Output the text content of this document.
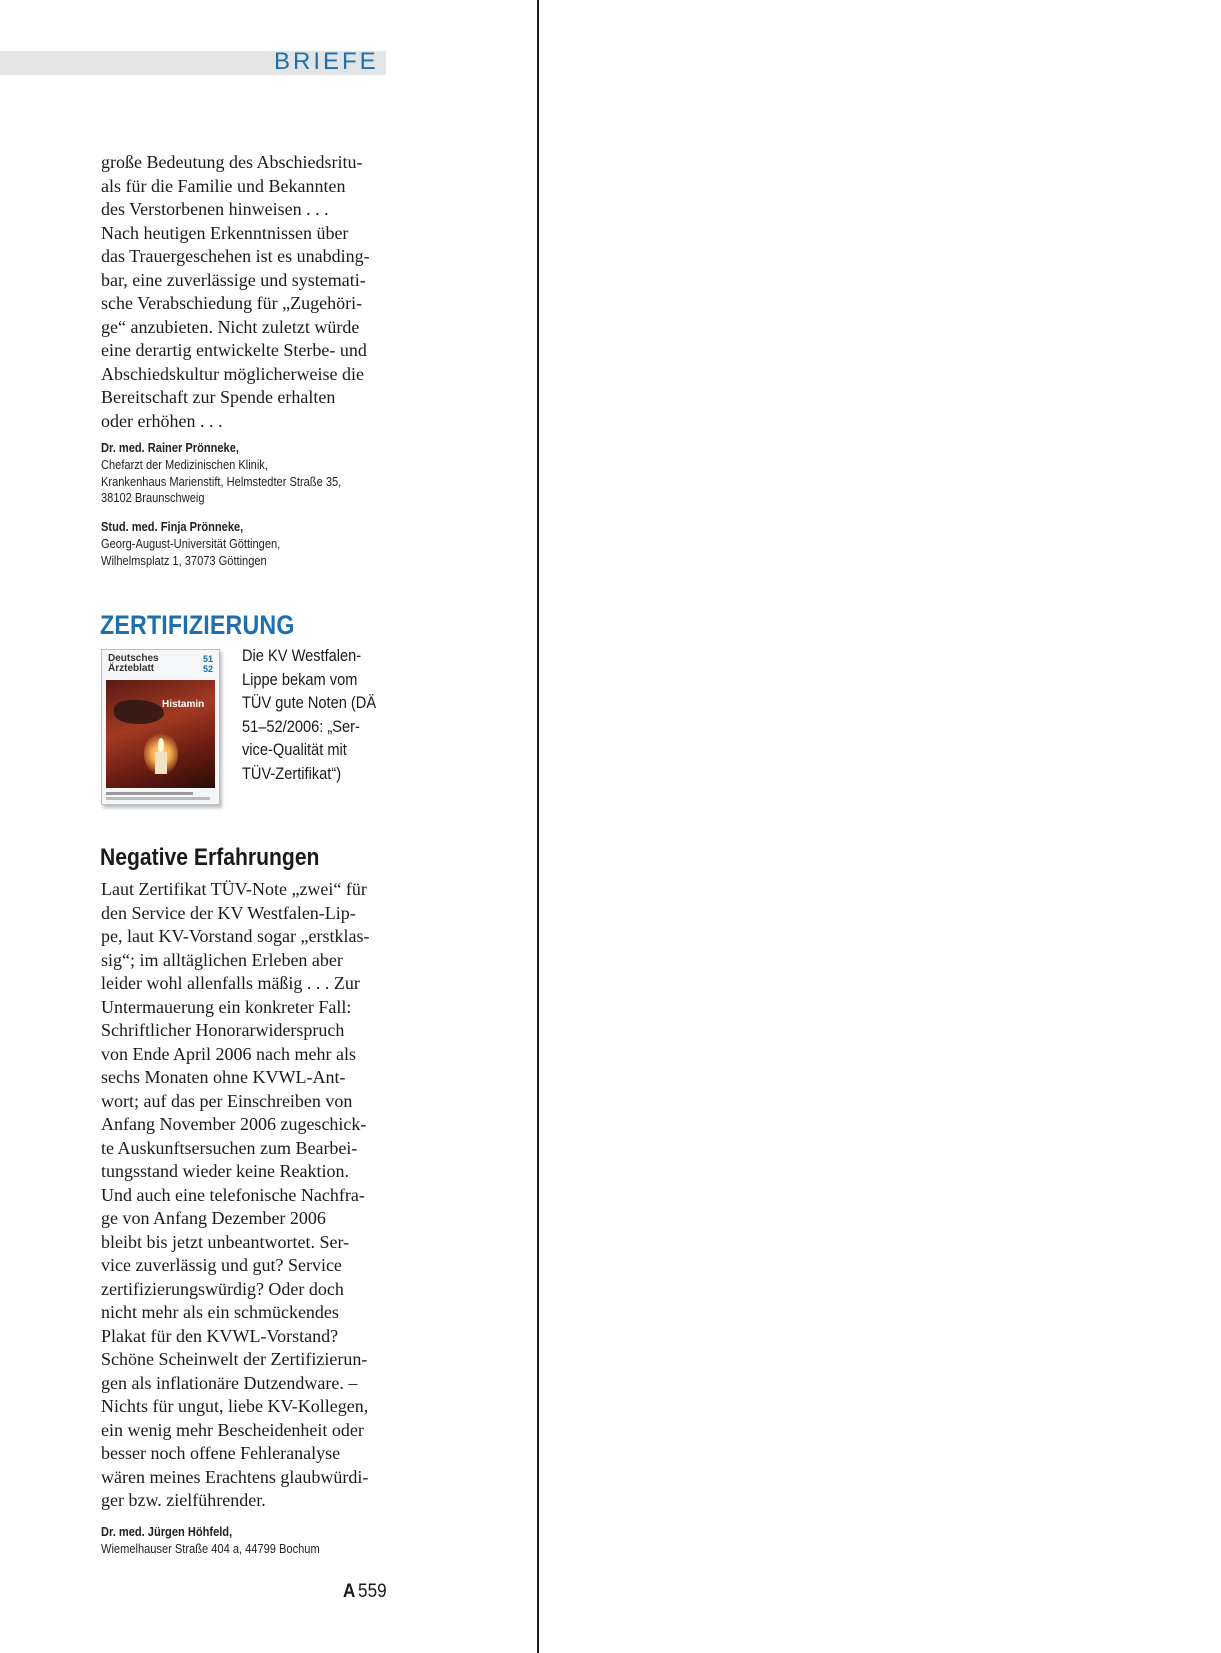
BRIEFE

große Bedeutung des Abschiedsritu-
als für die Familie und Bekannten
des Verstorbenen hinweisen . . .
Nach heutigen Erkenntnissen über
das Trauergeschehen ist es unabding-
bar, eine zuverlässige und systemati-
sche Verabschiedung für „Zugehöri-
ge“ anzubieten. Nicht zuletzt würde
eine derartig entwickelte Sterbe- und
Abschiedskultur möglicherweise die
Bereitschaft zur Spende erhalten
oder erhöhen . . .

Dr. med. Rainer Prönneke,
Chefarzt der Medizinischen Klinik,
Krankenhaus Marienstift, Helmstedter Straße 35,
38102 Braunschweig

Stud. med. Finja Prönneke,
Georg-August-Universität Göttingen,
Wilhelmsplatz 1, 37073 Göttingen

ZERTIFIZIERUNG
Deutsches Ärzteblatt
51
52
Histamin

Die KV Westfalen-
Lippe bekam vom
TÜV gute Noten (DÄ
51–52/2006: „Ser-
vice-Qualität mit
TÜV-Zertifikat“)

Negative Erfahrungen

Laut Zertifikat TÜV-Note „zwei“ für
den Service der KV Westfalen-Lip-
pe, laut KV-Vorstand sogar „erstklas-
sig“; im alltäglichen Erleben aber
leider wohl allenfalls mäßig . . . Zur
Untermauerung ein konkreter Fall:
Schriftlicher Honorarwiderspruch
von Ende April 2006 nach mehr als
sechs Monaten ohne KVWL-Ant-
wort; auf das per Einschreiben von
Anfang November 2006 zugeschick-
te Auskunftsersuchen zum Bearbei-
tungsstand wieder keine Reaktion.
Und auch eine telefonische Nachfra-
ge von Anfang Dezember 2006
bleibt bis jetzt unbeantwortet. Ser-
vice zuverlässig und gut? Service
zertifizierungswürdig? Oder doch
nicht mehr als ein schmückendes
Plakat für den KVWL-Vorstand?
Schöne Scheinwelt der Zertifizierun-
gen als inflationäre Dutzendware. –
Nichts für ungut, liebe KV-Kollegen,
ein wenig mehr Bescheidenheit oder
besser noch offene Fehleranalyse
wären meines Erachtens glaubwürdi-
ger bzw. zielführender.

Dr. med. Jürgen Höhfeld,
Wiemelhauser Straße 404 a, 44799 Bochum

A 559
